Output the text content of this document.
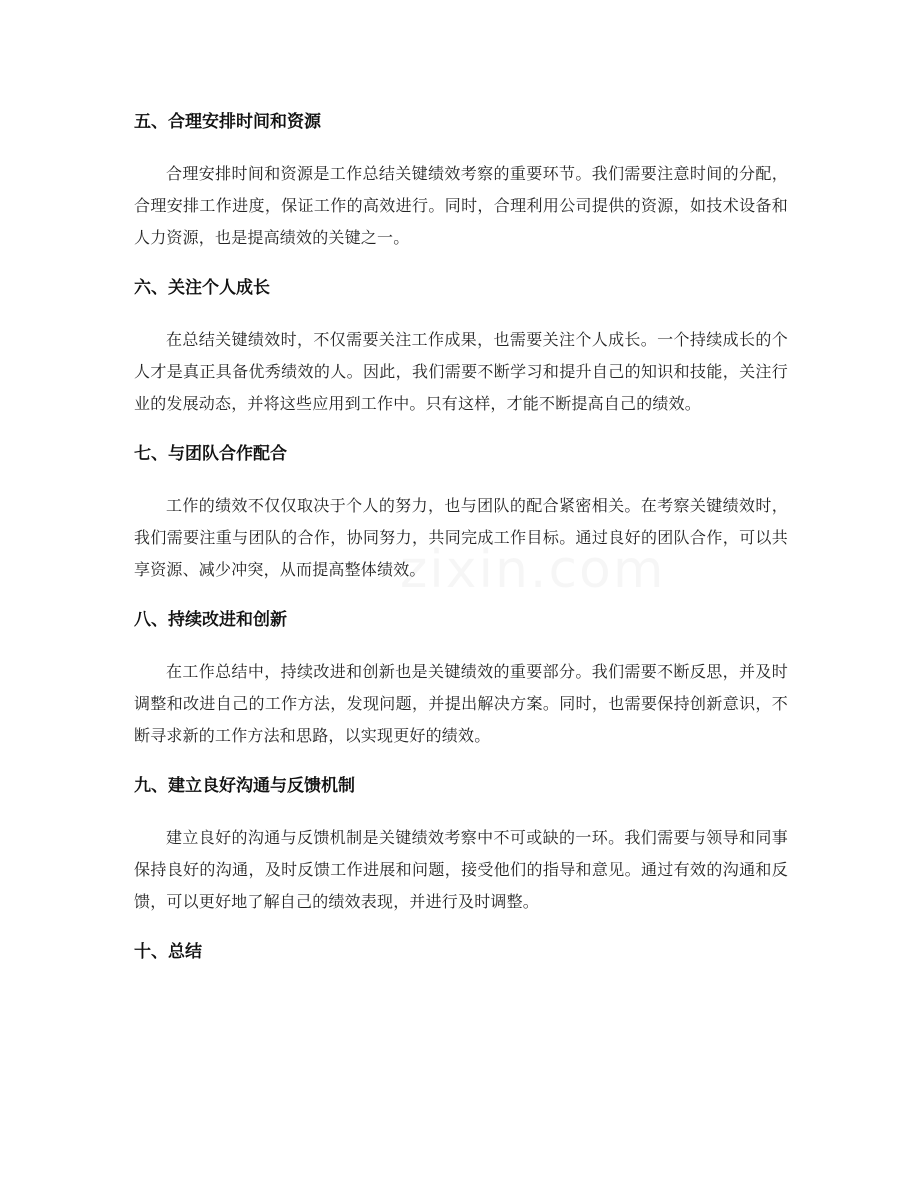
五、合理安排时间和资源

合理安排时间和资源是工作总结关键绩效考察的重要环节。我们需要注意时间的分配，合理安排工作进度，保证工作的高效进行。同时，合理利用公司提供的资源，如技术设备和人力资源，也是提高绩效的关键之一。

六、关注个人成长

在总结关键绩效时，不仅需要关注工作成果，也需要关注个人成长。一个持续成长的个人才是真正具备优秀绩效的人。因此，我们需要不断学习和提升自己的知识和技能，关注行业的发展动态，并将这些应用到工作中。只有这样，才能不断提高自己的绩效。

七、与团队合作配合

工作的绩效不仅仅取决于个人的努力，也与团队的配合紧密相关。在考察关键绩效时，我们需要注重与团队的合作，协同努力，共同完成工作目标。通过良好的团队合作，可以共享资源、减少冲突，从而提高整体绩效。

八、持续改进和创新

在工作总结中，持续改进和创新也是关键绩效的重要部分。我们需要不断反思，并及时调整和改进自己的工作方法，发现问题，并提出解决方案。同时，也需要保持创新意识，不断寻求新的工作方法和思路，以实现更好的绩效。

九、建立良好沟通与反馈机制

建立良好的沟通与反馈机制是关键绩效考察中不可或缺的一环。我们需要与领导和同事保持良好的沟通，及时反馈工作进展和问题，接受他们的指导和意见。通过有效的沟通和反馈，可以更好地了解自己的绩效表现，并进行及时调整。

十、总结
